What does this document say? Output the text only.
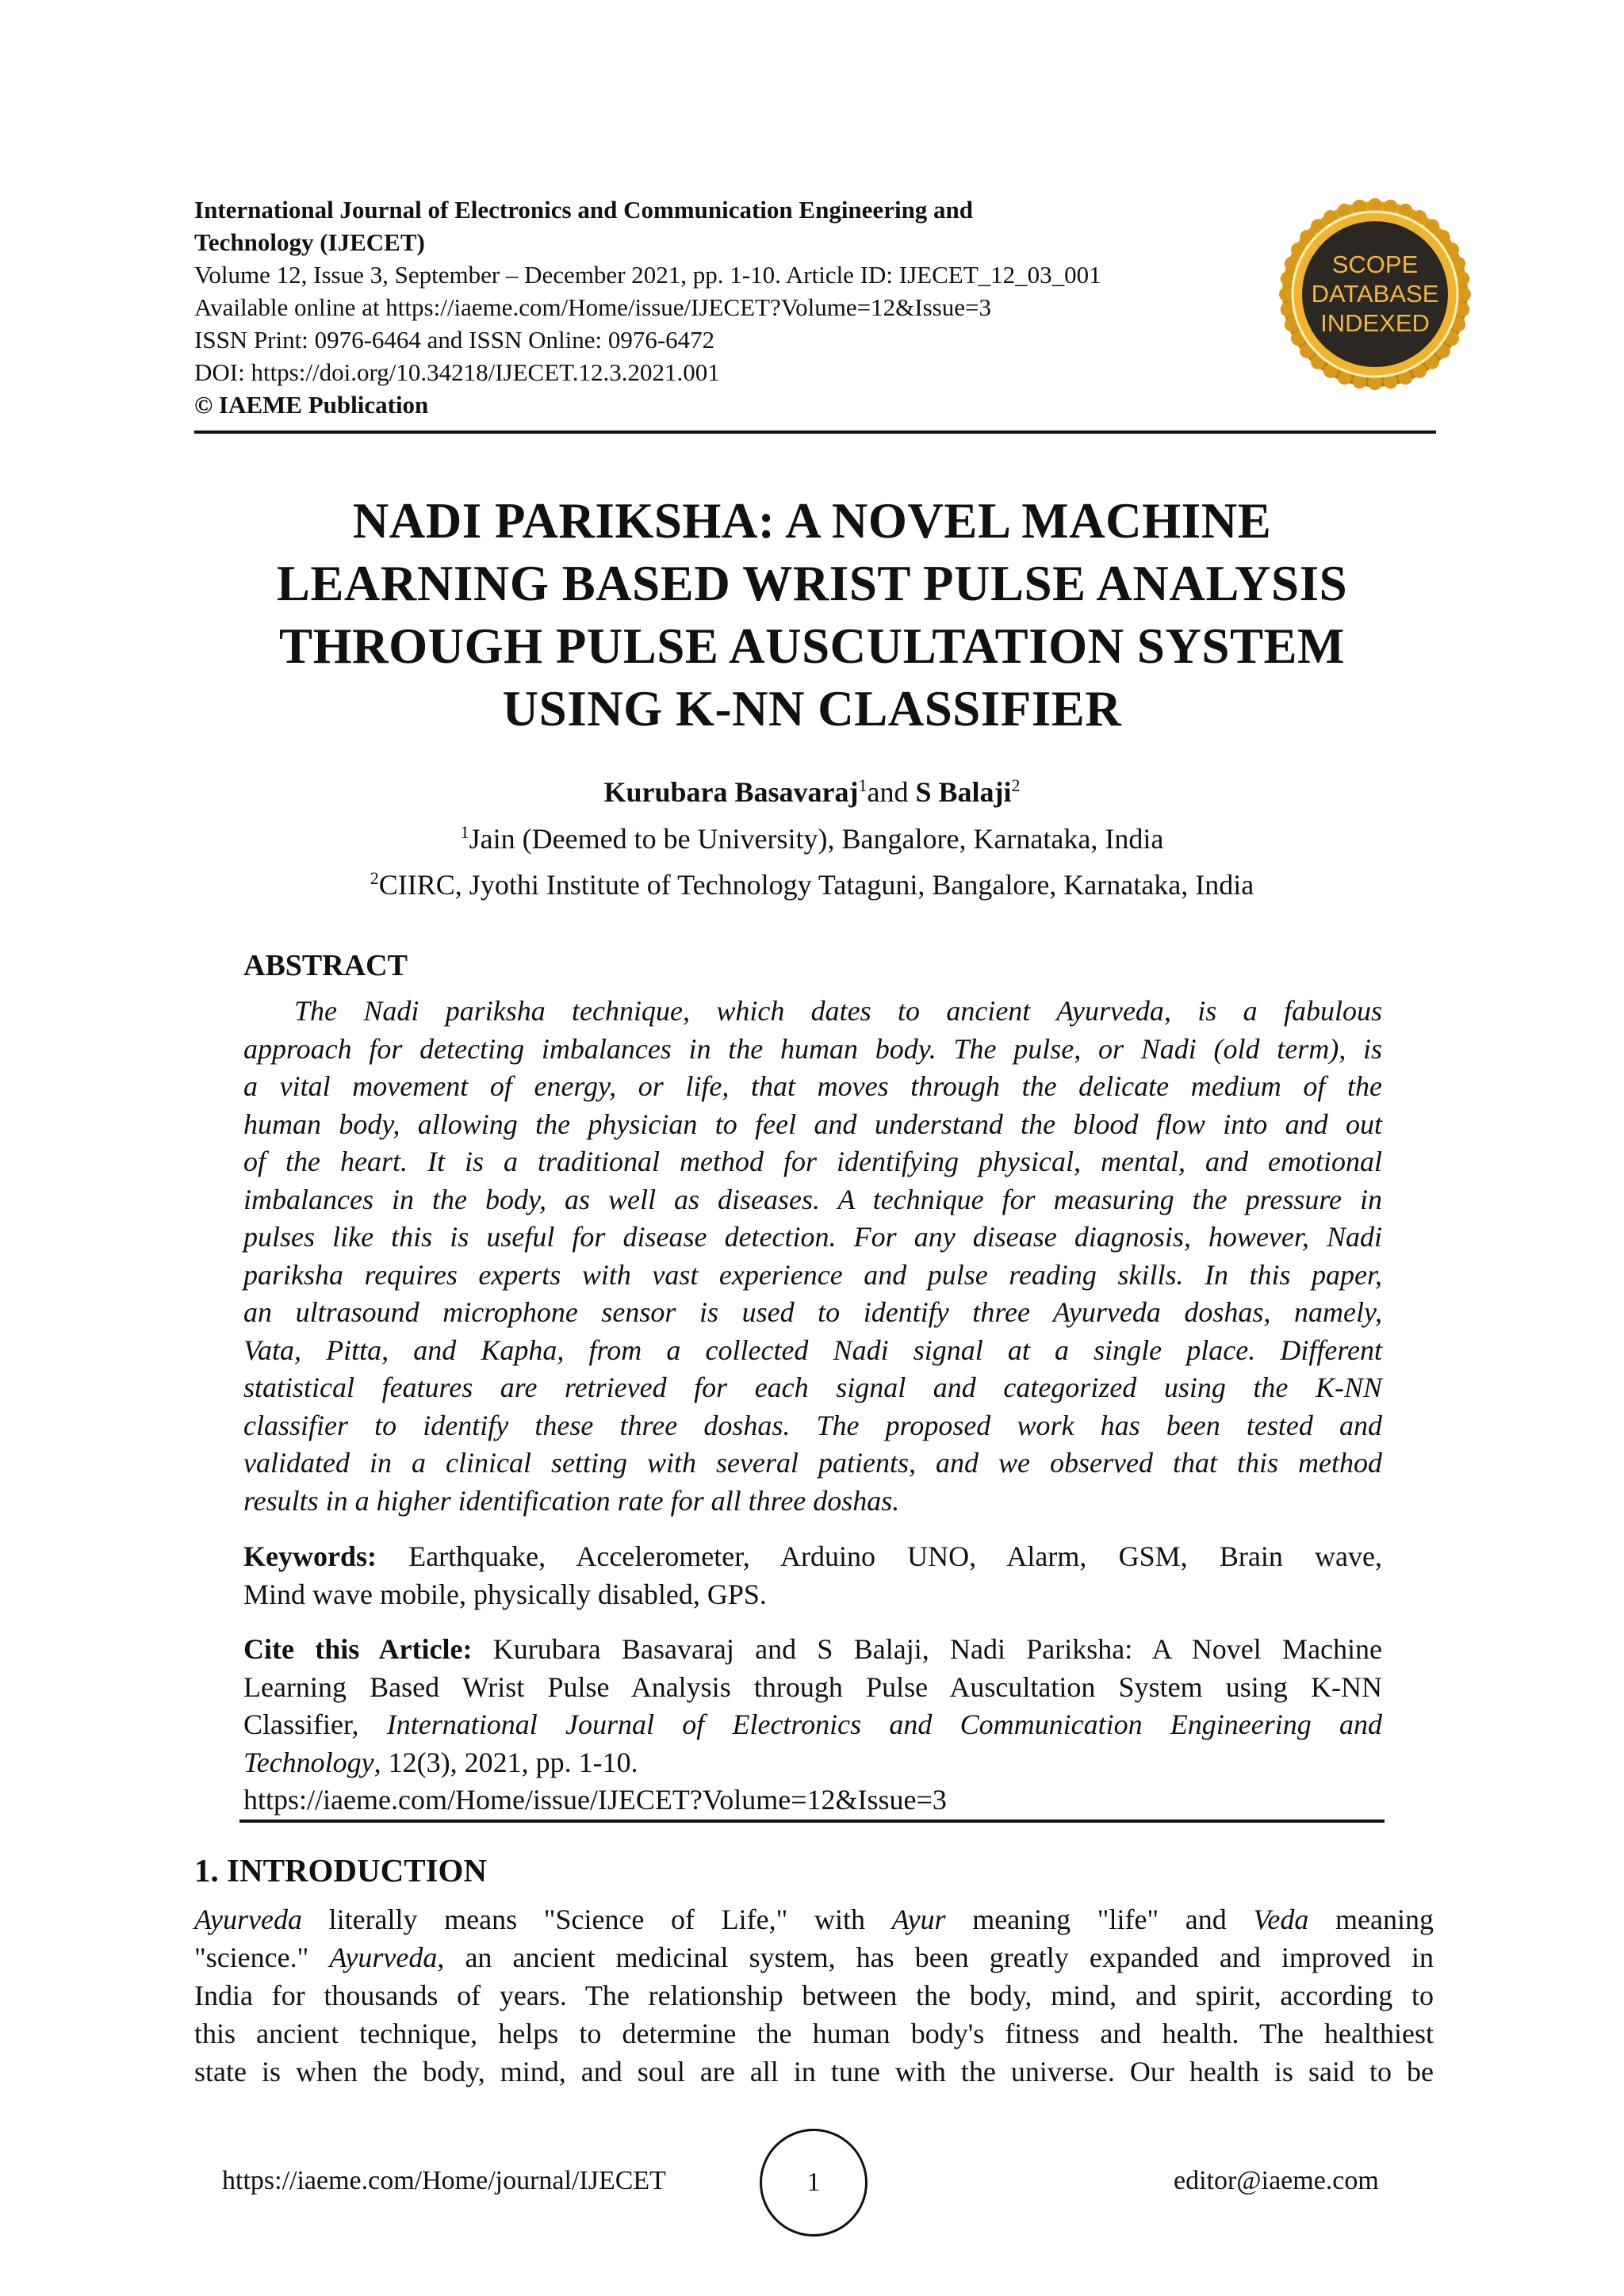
International Journal of Electronics and Communication Engineering and
Technology (IJECET)
Volume 12, Issue 3, September – December 2021, pp. 1-10. Article ID: IJECET_12_03_001
Available online at https://iaeme.com/Home/issue/IJECET?Volume=12&Issue=3
ISSN Print: 0976-6464 and ISSN Online: 0976-6472
DOI: https://doi.org/10.34218/IJECET.12.3.2021.001
© IAEME Publication
SCOPE
DATABASE
INDEXED
NADI PARIKSHA: A NOVEL MACHINE
LEARNING BASED WRIST PULSE ANALYSIS
THROUGH PULSE AUSCULTATION SYSTEM
USING K-NN CLASSIFIER
Kurubara Basavaraj$^1$and S Balaji$^2$
$^1$Jain (Deemed to be University), Bangalore, Karnataka, India
$^2$CIIRC, Jyothi Institute of Technology Tataguni, Bangalore, Karnataka, India
ABSTRACT
The Nadi pariksha technique, which dates to ancient Ayurveda, is a fabulous
approach for detecting imbalances in the human body. The pulse, or Nadi (old term), is
a vital movement of energy, or life, that moves through the delicate medium of the
human body, allowing the physician to feel and understand the blood flow into and out
of the heart. It is a traditional method for identifying physical, mental, and emotional
imbalances in the body, as well as diseases. A technique for measuring the pressure in
pulses like this is useful for disease detection. For any disease diagnosis, however, Nadi
pariksha requires experts with vast experience and pulse reading skills. In this paper,
an ultrasound microphone sensor is used to identify three Ayurveda doshas, namely,
Vata, Pitta, and Kapha, from a collected Nadi signal at a single place. Different
statistical features are retrieved for each signal and categorized using the K-NN
classifier to identify these three doshas. The proposed work has been tested and
validated in a clinical setting with several patients, and we observed that this method
results in a higher identification rate for all three doshas.
Keywords: Earthquake, Accelerometer, Arduino UNO, Alarm, GSM, Brain wave,
Mind wave mobile, physically disabled, GPS.
Cite this Article: Kurubara Basavaraj and S Balaji, Nadi Pariksha: A Novel Machine
Learning Based Wrist Pulse Analysis through Pulse Auscultation System using K-NN
Classifier, International Journal of Electronics and Communication Engineering and
Technology, 12(3), 2021, pp. 1-10.
https://iaeme.com/Home/issue/IJECET?Volume=12&Issue=3
1. INTRODUCTION
Ayurveda literally means "Science of Life," with Ayur meaning "life" and Veda meaning
"science." Ayurveda, an ancient medicinal system, has been greatly expanded and improved in
India for thousands of years. The relationship between the body, mind, and spirit, according to
this ancient technique, helps to determine the human body's fitness and health. The healthiest
state is when the body, mind, and soul are all in tune with the universe. Our health is said to be
https://iaeme.com/Home/journal/IJECET	1	editor@iaeme.com
